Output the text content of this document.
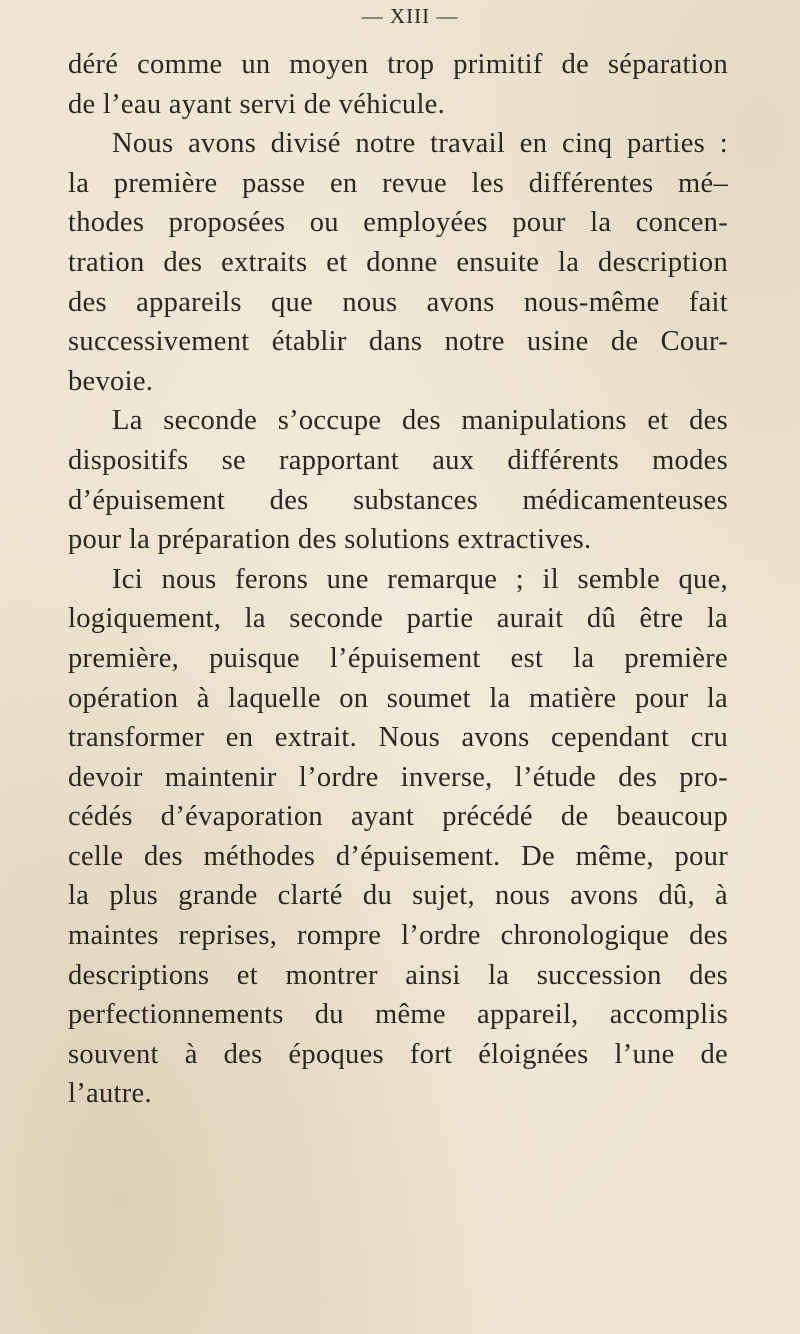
— XIII —
déré comme un moyen trop primitif de séparation
de l’eau ayant servi de véhicule.
Nous avons divisé notre travail en cinq parties :
la première passe en revue les différentes mé–
thodes proposées ou employées pour la concen-
tration des extraits et donne ensuite la description
des appareils que nous avons nous-même fait
successivement établir dans notre usine de Cour-
bevoie.
La seconde s’occupe des manipulations et des
dispositifs se rapportant aux différents modes
d’épuisement des substances médicamenteuses
pour la préparation des solutions extractives.
Ici nous ferons une remarque ; il semble que,
logiquement, la seconde partie aurait dû être la
première, puisque l’épuisement est la première
opération à laquelle on soumet la matière pour la
transformer en extrait. Nous avons cependant cru
devoir maintenir l’ordre inverse, l’étude des pro-
cédés d’évaporation ayant précédé de beaucoup
celle des méthodes d’épuisement. De même, pour
la plus grande clarté du sujet, nous avons dû, à
maintes reprises, rompre l’ordre chronologique des
descriptions et montrer ainsi la succession des
perfectionnements du même appareil, accomplis
souvent à des époques fort éloignées l’une de
l’autre.
